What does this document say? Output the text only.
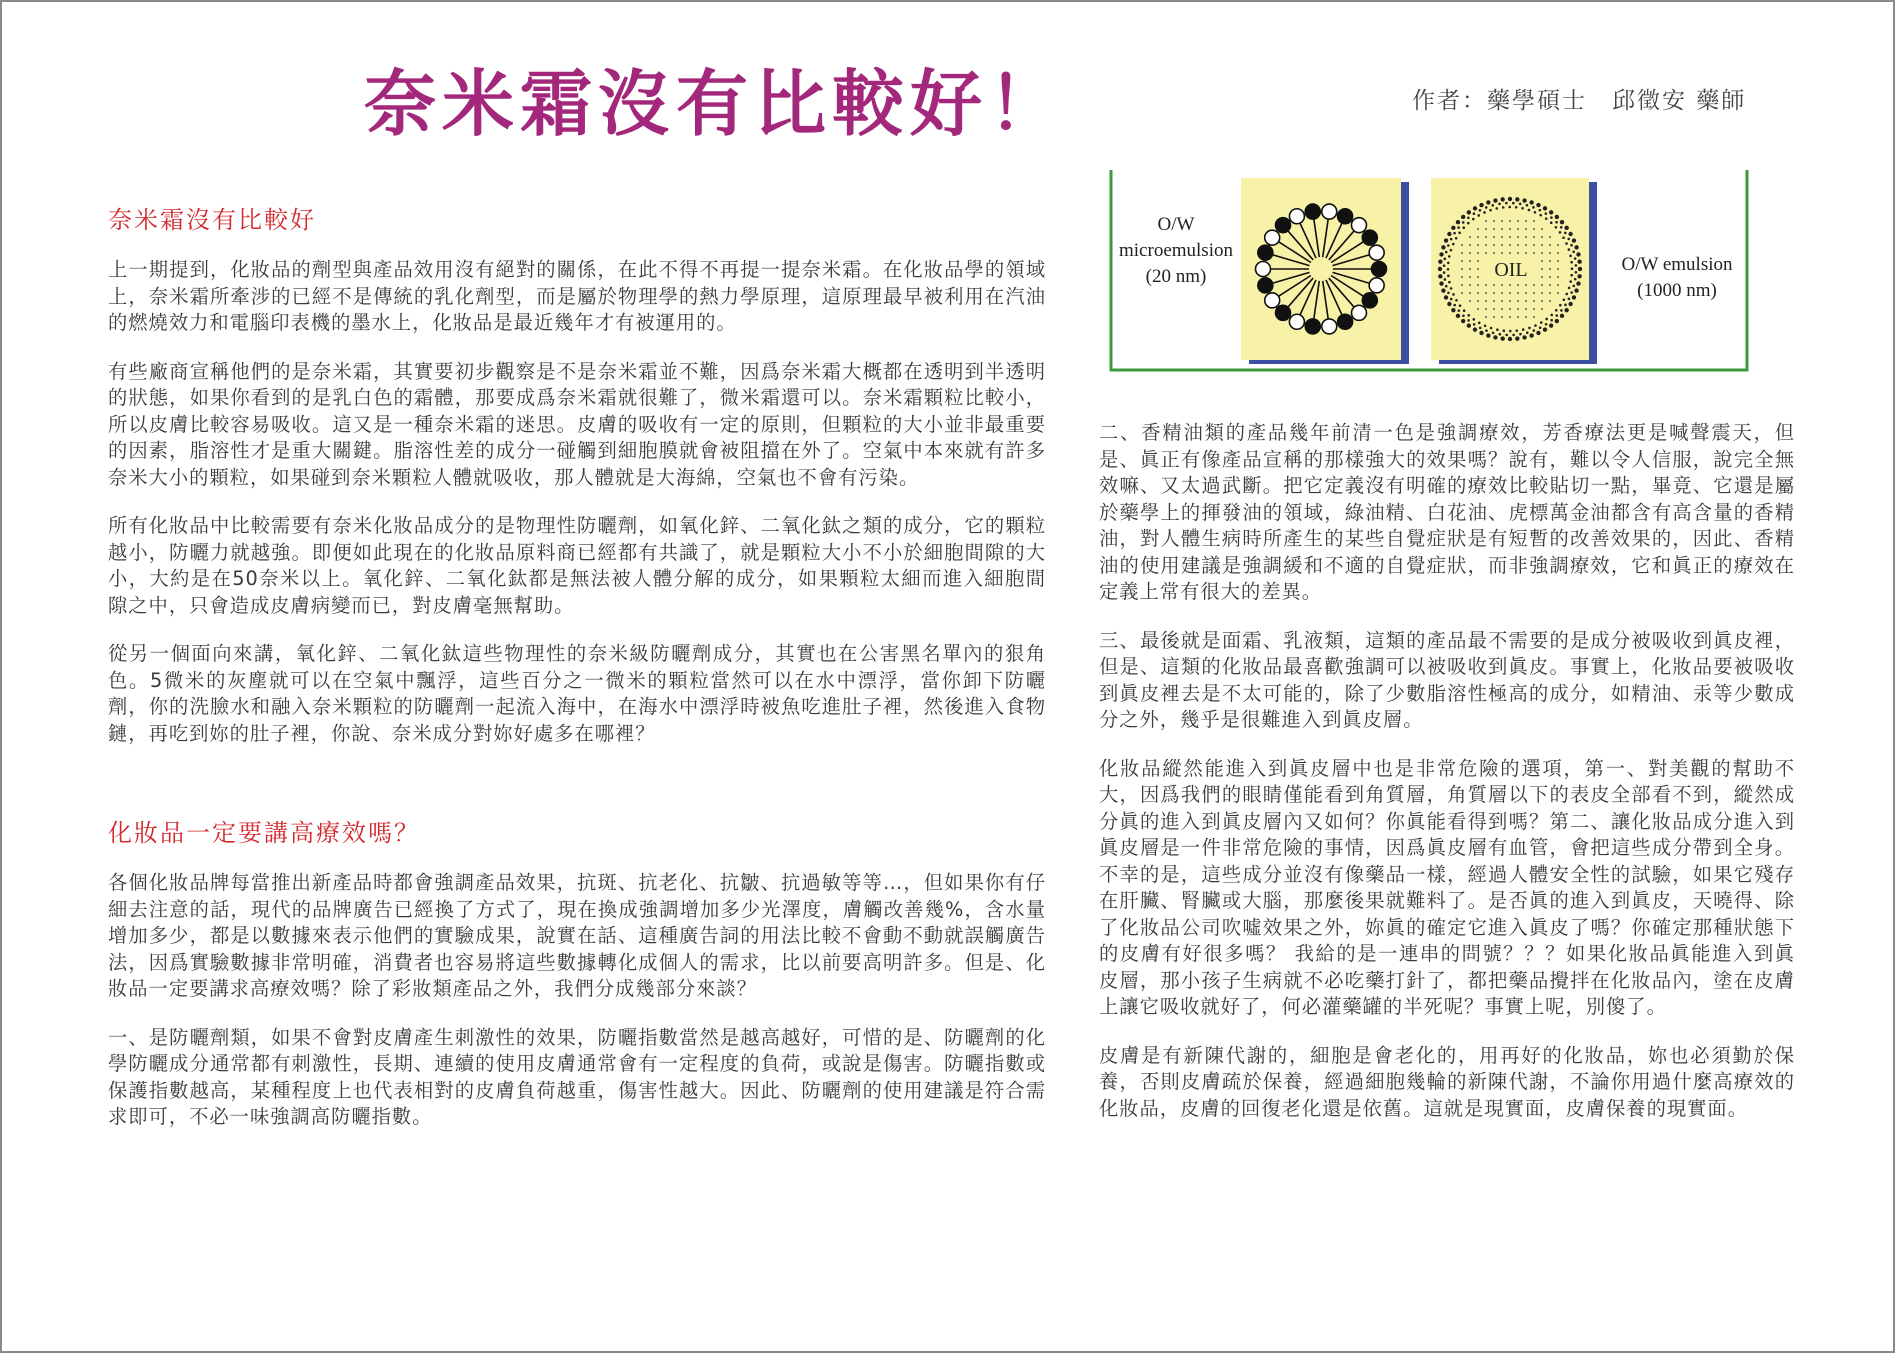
奈米霜沒有比較好！	作者：藥學碩士　邱徵安 藥師
O/W
microemulsion
(20 nm)	OIL	O/W emulsion
(1000 nm)
奈米霜沒有比較好

上一期提到，化妝品的劑型與產品效用沒有絕對的關係，在此不得不再提一提奈米霜。在化妝品學的領域上，奈米霜所牽涉的已經不是傳統的乳化劑型，而是屬於物理學的熱力學原理，這原理最早被利用在汽油的燃燒效力和電腦印表機的墨水上，化妝品是最近幾年才有被運用的。

有些廠商宣稱他們的是奈米霜，其實要初步觀察是不是奈米霜並不難，因爲奈米霜大概都在透明到半透明的狀態，如果你看到的是乳白色的霜體，那要成爲奈米霜就很難了，微米霜還可以。奈米霜顆粒比較小，所以皮膚比較容易吸收。這又是一種奈米霜的迷思。皮膚的吸收有一定的原則，但顆粒的大小並非最重要的因素，脂溶性才是重大關鍵。脂溶性差的成分一碰觸到細胞膜就會被阻擋在外了。空氣中本來就有許多奈米大小的顆粒，如果碰到奈米顆粒人體就吸收，那人體就是大海綿，空氣也不會有污染。

所有化妝品中比較需要有奈米化妝品成分的是物理性防曬劑，如氧化鋅、二氧化鈦之類的成分，它的顆粒越小，防曬力就越強。即便如此現在的化妝品原料商已經都有共識了，就是顆粒大小不小於細胞間隙的大小，大約是在50奈米以上。氧化鋅、二氧化鈦都是無法被人體分解的成分，如果顆粒太細而進入細胞間隙之中，只會造成皮膚病變而已，對皮膚毫無幫助。

從另一個面向來講，氧化鋅、二氧化鈦這些物理性的奈米級防曬劑成分，其實也在公害黑名單內的狠角色。5微米的灰塵就可以在空氣中飄浮，這些百分之一微米的顆粒當然可以在水中漂浮，當你卸下防曬劑，你的洗臉水和融入奈米顆粒的防曬劑一起流入海中，在海水中漂浮時被魚吃進肚子裡，然後進入食物鏈，再吃到妳的肚子裡，你說、奈米成分對妳好處多在哪裡？

化妝品一定要講高療效嗎？

各個化妝品牌每當推出新產品時都會強調產品效果，抗斑、抗老化、抗皺、抗過敏等等…，但如果你有仔細去注意的話，現代的品牌廣告已經換了方式了，現在換成強調增加多少光澤度，膚觸改善幾%，含水量增加多少，都是以數據來表示他們的實驗成果，說實在話、這種廣告詞的用法比較不會動不動就誤觸廣告法，因爲實驗數據非常明確，消費者也容易將這些數據轉化成個人的需求，比以前要高明許多。但是、化妝品一定要講求高療效嗎？除了彩妝類產品之外，我們分成幾部分來談？

一、是防曬劑類，如果不會對皮膚產生刺激性的效果，防曬指數當然是越高越好，可惜的是、防曬劑的化學防曬成分通常都有刺激性，長期、連續的使用皮膚通常會有一定程度的負荷，或說是傷害。防曬指數或保護指數越高，某種程度上也代表相對的皮膚負荷越重，傷害性越大。因此、防曬劑的使用建議是符合需求即可，不必一味強調高防曬指數。

二、香精油類的產品幾年前清一色是強調療效，芳香療法更是喊聲震天，但是、眞正有像產品宣稱的那樣強大的效果嗎？說有，難以令人信服，說完全無效嘛、又太過武斷。把它定義沒有明確的療效比較貼切一點，畢竟、它還是屬於藥學上的揮發油的領域，綠油精、白花油、虎標萬金油都含有高含量的香精油，對人體生病時所產生的某些自覺症狀是有短暫的改善效果的，因此、香精油的使用建議是強調緩和不適的自覺症狀，而非強調療效，它和眞正的療效在定義上常有很大的差異。

三、最後就是面霜、乳液類，這類的產品最不需要的是成分被吸收到眞皮裡，但是、這類的化妝品最喜歡強調可以被吸收到眞皮。事實上，化妝品要被吸收到眞皮裡去是不太可能的，除了少數脂溶性極高的成分，如精油、汞等少數成分之外，幾乎是很難進入到眞皮層。

化妝品縱然能進入到眞皮層中也是非常危險的選項，第一、對美觀的幫助不大，因爲我們的眼睛僅能看到角質層，角質層以下的表皮全部看不到，縱然成分眞的進入到眞皮層內又如何？你眞能看得到嗎？第二、讓化妝品成分進入到眞皮層是一件非常危險的事情，因爲眞皮層有血管，會把這些成分帶到全身。不幸的是，這些成分並沒有像藥品一樣，經過人體安全性的試驗，如果它殘存在肝臟、腎臟或大腦，那麼後果就難料了。是否眞的進入到眞皮，天曉得、除了化妝品公司吹噓效果之外，妳眞的確定它進入眞皮了嗎？你確定那種狀態下的皮膚有好很多嗎？ 我給的是一連串的問號？？？如果化妝品眞能進入到眞皮層，那小孩子生病就不必吃藥打針了，都把藥品攪拌在化妝品內，塗在皮膚上讓它吸收就好了，何必灌藥罐的半死呢？事實上呢，別傻了。

皮膚是有新陳代謝的，細胞是會老化的，用再好的化妝品，妳也必須勤於保養，否則皮膚疏於保養，經過細胞幾輪的新陳代謝，不論你用過什麼高療效的化妝品，皮膚的回復老化還是依舊。這就是現實面，皮膚保養的現實面。
